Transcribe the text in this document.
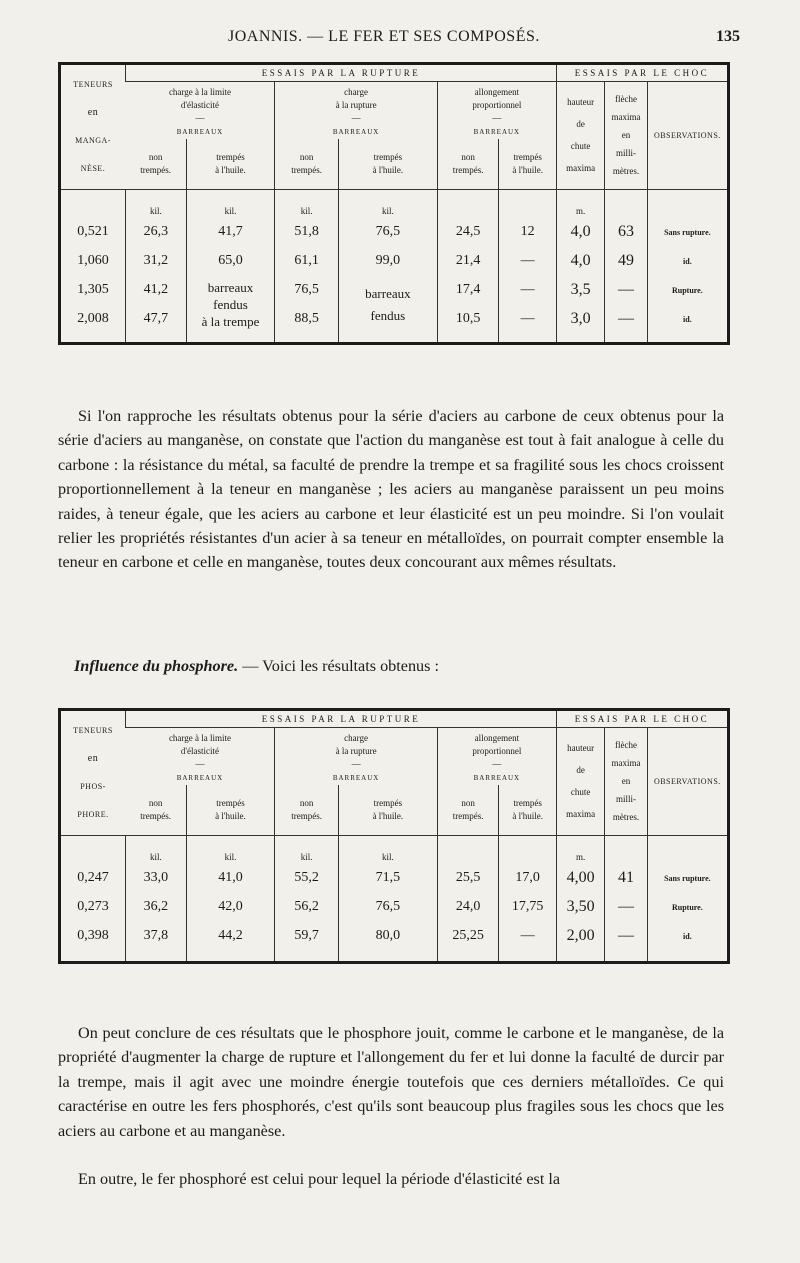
JOANNIS. — LE FER ET SES COMPOSÉS.	135
TENEURS
en
MANGA-
NÈSE.	ESSAIS PAR LA RUPTURE						ESSAIS PAR LE CHOC		
	charge à la limite
d'élasticité
—
BARREAUX		charge
à la rupture
—
BARREAUX		allongement
proportionnel
—
BARREAUX		hauteur
de
chute
maxima	flèche
maxima
en
milli-
mètres.	OBSERVATIONS.
	non
trempés.	trempés
à l'huile.	non
trempés.	trempés
à l'huile.	non
trempés.	trempés
à l'huile.			
	kil.	kil.	kil.	kil.			m.		
0,521	26,3	41,7	51,8	76,5	24,5	12	4,0	63	Sans rupture.
1,060	31,2	65,0	61,1	99,0	21,4	—	4,0	49	id.
1,305	41,2	barreaux
fendus
à la trempe	76,5	barreaux
fendus	17,4	—	3,5	—	Rupture.
2,008	47,7		88,5		10,5	—	3,0	—	id.

Si l'on rapproche les résultats obtenus pour la série d'aciers au carbone de ceux obtenus pour la série d'aciers au manganèse, on constate que l'action du manganèse est tout à fait analogue à celle du carbone : la résistance du métal, sa faculté de prendre la trempe et sa fragilité sous les chocs croissent proportionnellement à la teneur en manganèse ; les aciers au manganèse paraissent un peu moins raides, à teneur égale, que les aciers au carbone et leur élasticité est un peu moindre. Si l'on voulait relier les propriétés résistantes d'un acier à sa teneur en métalloïdes, on pourrait compter ensemble la teneur en carbone et celle en manganèse, toutes deux concourant aux mêmes résultats.

Influence du phosphore. — Voici les résultats obtenus :
TENEURS
en
PHOS-
PHORE.	ESSAIS PAR LA RUPTURE						ESSAIS PAR LE CHOC		
	charge à la limite
d'élasticité
—
BARREAUX		charge
à la rupture
—
BARREAUX		allongement
proportionnel
—
BARREAUX		hauteur
de
chute
maxima	flèche
maxima
en
milli-
mètres.	OBSERVATIONS.
	non
trempés.	trempés
à l'huile.	non
trempés.	trempés
à l'huile.	non
trempés.	trempés
à l'huile.			
	kil.	kil.	kil.	kil.			m.		
0,247	33,0	41,0	55,2	71,5	25,5	17,0	4,00	41	Sans rupture.
0,273	36,2	42,0	56,2	76,5	24,0	17,75	3,50	—	Rupture.
0,398	37,8	44,2	59,7	80,0	25,25	—	2,00	—	id.

On peut conclure de ces résultats que le phosphore jouit, comme le carbone et le manganèse, de la propriété d'augmenter la charge de rupture et l'allongement du fer et lui donne la faculté de durcir par la trempe, mais il agit avec une moindre énergie toutefois que ces derniers métalloïdes. Ce qui caractérise en outre les fers phosphorés, c'est qu'ils sont beaucoup plus fragiles sous les chocs que les aciers au carbone et au manganèse.

En outre, le fer phosphoré est celui pour lequel la période d'élasticité est la
